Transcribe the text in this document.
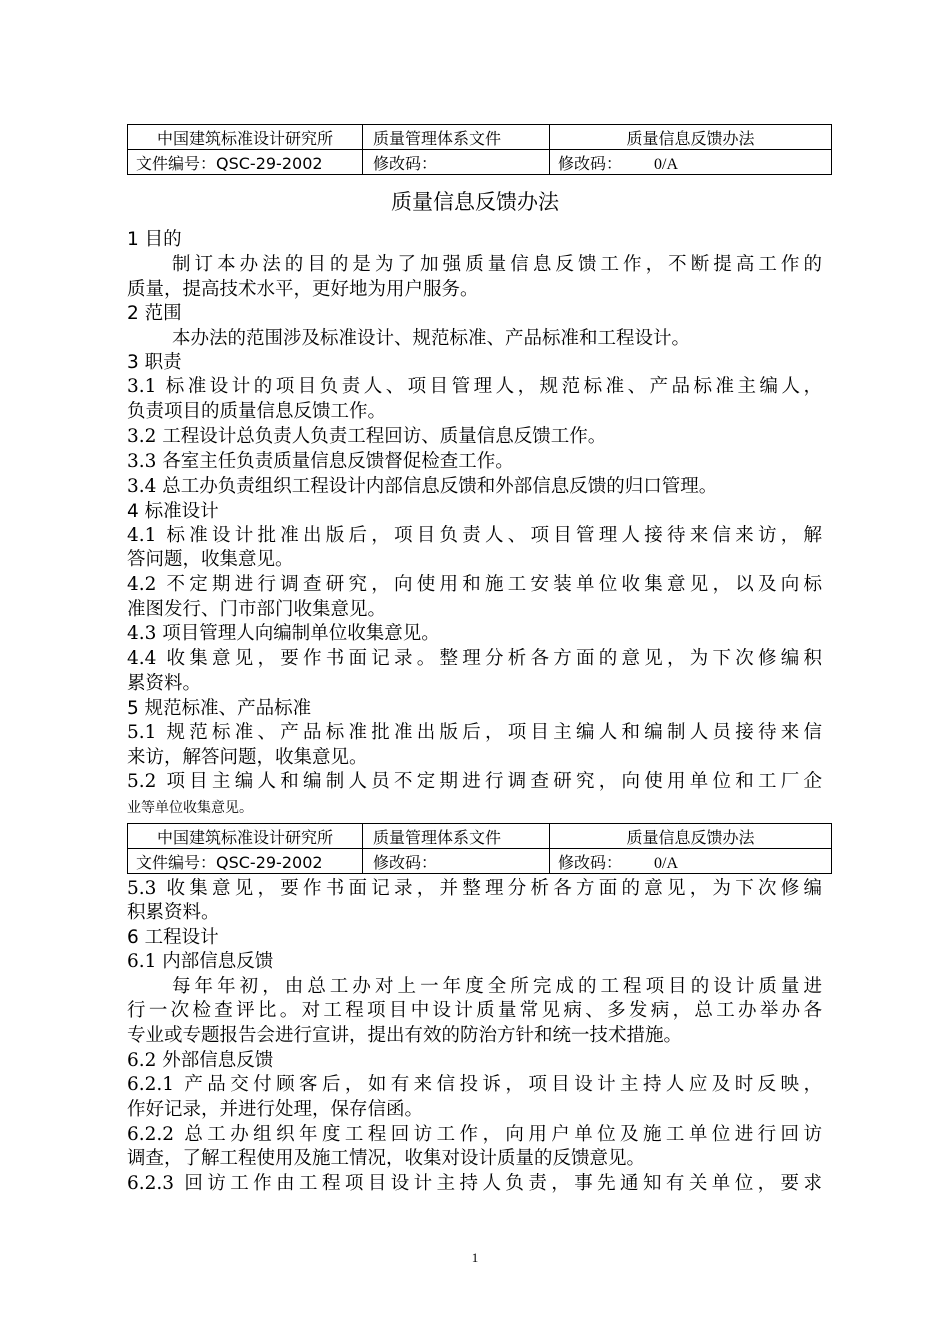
中国建筑标准设计研究所	质量管理体系文件	质量信息反馈办法
文件编号：QSC-29-2002	修改码：	修改码： 0/A
质量信息反馈办法
1 目的
制订本办法的目的是为了加强质量信息反馈工作，不断提高工作的
质量，提高技术水平，更好地为用户服务。
2 范围
本办法的范围涉及标准设计、规范标准、产品标准和工程设计。
3 职责
3.1 标准设计的项目负责人、项目管理人，规范标准、产品标准主编人，
负责项目的质量信息反馈工作。
3.2 工程设计总负责人负责工程回访、质量信息反馈工作。
3.3 各室主任负责质量信息反馈督促检查工作。
3.4 总工办负责组织工程设计内部信息反馈和外部信息反馈的归口管理。
4 标准设计
4.1 标准设计批准出版后，项目负责人、项目管理人接待来信来访，解
答问题，收集意见。
4.2 不定期进行调查研究，向使用和施工安装单位收集意见，以及向标
准图发行、门市部门收集意见。
4.3 项目管理人向编制单位收集意见。
4.4 收集意见，要作书面记录。整理分析各方面的意见，为下次修编积
累资料。
5 规范标准、产品标准
5.1 规范标准、产品标准批准出版后，项目主编人和编制人员接待来信
来访，解答问题，收集意见。
5.2 项目主编人和编制人员不定期进行调查研究，向使用单位和工厂企
业等单位收集意见。
中国建筑标准设计研究所	质量管理体系文件	质量信息反馈办法
文件编号：QSC-29-2002	修改码：	修改码： 0/A
5.3 收集意见，要作书面记录，并整理分析各方面的意见，为下次修编
积累资料。
6 工程设计
6.1 内部信息反馈
每年年初，由总工办对上一年度全所完成的工程项目的设计质量进
行一次检查评比。对工程项目中设计质量常见病、多发病，总工办举办各
专业或专题报告会进行宣讲，提出有效的防治方针和统一技术措施。
6.2 外部信息反馈
6.2.1 产品交付顾客后，如有来信投诉，项目设计主持人应及时反映，
作好记录，并进行处理，保存信函。
6.2.2 总工办组织年度工程回访工作，向用户单位及施工单位进行回访
调查，了解工程使用及施工情况，收集对设计质量的反馈意见。
6.2.3 回访工作由工程项目设计主持人负责，事先通知有关单位，要求
1
